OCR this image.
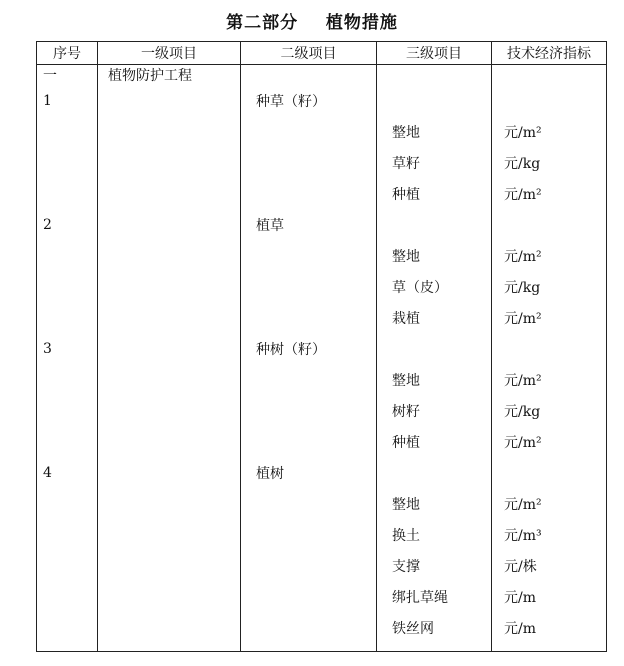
第二部分    植物措施
序号	一级项目	二级项目	三级项目	技术经济指标
一	植物防护工程			
1		种草（籽）		
			整地	元/m²
			草籽	元/kg
			种植	元/m²
2		植草		
			整地	元/m²
			草（皮）	元/kg
			栽植	元/m²
3		种树（籽）		
			整地	元/m²
			树籽	元/kg
			种植	元/m²
4		植树		
			整地	元/m²
			换土	元/m³
			支撑	元/株
			绑扎草绳	元/m
			铁丝网	元/m
